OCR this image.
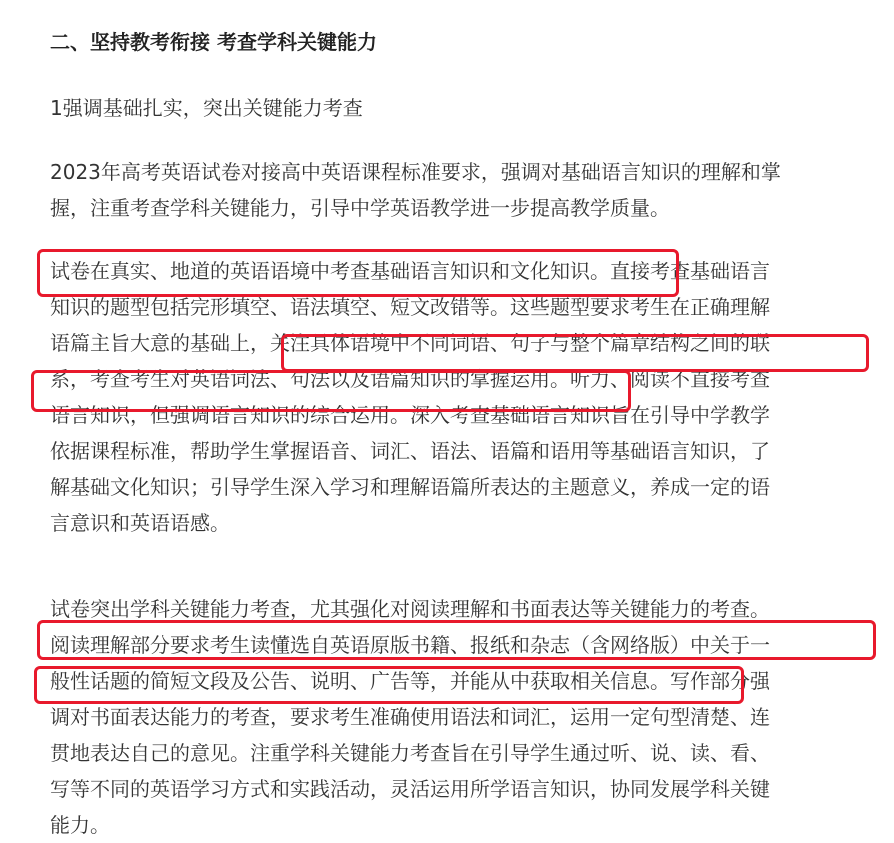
二、坚持教考衔接 考查学科关键能力

1强调基础扎实，突出关键能力考查

2023年高考英语试卷对接高中英语课程标准要求，强调对基础语言知识的理解和掌
握，注重考查学科关键能力，引导中学英语教学进一步提高教学质量。

试卷在真实、地道的英语语境中考查基础语言知识和文化知识。直接考查基础语言
知识的题型包括完形填空、语法填空、短文改错等。这些题型要求考生在正确理解
语篇主旨大意的基础上，关注具体语境中不同词语、句子与整个篇章结构之间的联
系，考查考生对英语词法、句法以及语篇知识的掌握运用。听力、阅读不直接考查
语言知识，但强调语言知识的综合运用。深入考查基础语言知识旨在引导中学教学
依据课程标准，帮助学生掌握语音、词汇、语法、语篇和语用等基础语言知识，了
解基础文化知识；引导学生深入学习和理解语篇所表达的主题意义，养成一定的语
言意识和英语语感。

试卷突出学科关键能力考查，尤其强化对阅读理解和书面表达等关键能力的考查。
阅读理解部分要求考生读懂选自英语原版书籍、报纸和杂志（含网络版）中关于一
般性话题的简短文段及公告、说明、广告等，并能从中获取相关信息。写作部分强
调对书面表达能力的考查，要求考生准确使用语法和词汇，运用一定句型清楚、连
贯地表达自己的意见。注重学科关键能力考查旨在引导学生通过听、说、读、看、
写等不同的英语学习方式和实践活动，灵活运用所学语言知识，协同发展学科关键
能力。
